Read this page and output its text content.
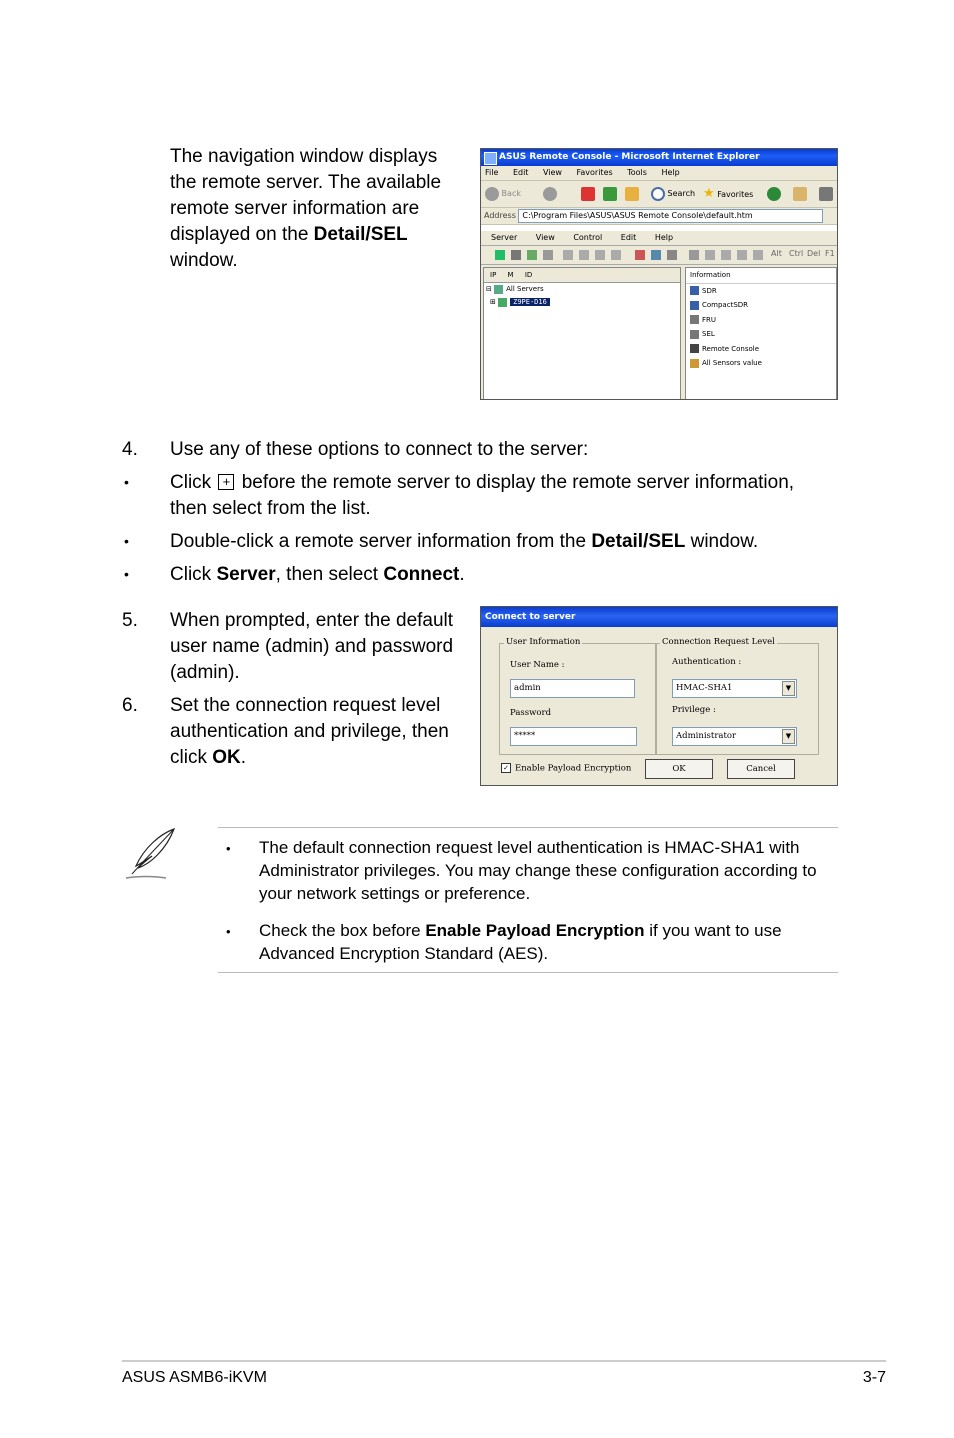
The navigation window displays
the remote server. The available
remote server information are
displayed on the Detail/SEL
window.
ASUS Remote Console - Microsoft Internet Explorer
File Edit View Favorites Tools Help
Back	Search ★ Favorites
Address C:\Program Files\ASUS\ASUS Remote Console\default.htm
Server View Control Edit Help
Alt Ctrl Del F1
IP M ID
⊟ All Servers
⊞ Z9PE-D16
Information
SDR
CompactSDR
FRU
SEL
Remote Console
All Sensors value
4. Use any of these options to connect to the server:
• Click + before the remote server to display the remote server information,
then select from the list.
• Double-click a remote server information from the Detail/SEL window.
• Click Server, then select Connect.
5. When prompted, enter the default
user name (admin) and password
(admin).
6. Set the connection request level
authentication and privilege, then
click OK.
Connect to server
User Information
User Name :
admin
Password
*****
Connection Request Level
Authentication :
HMAC-SHA1	▼
Privilege :
Administrator	▼
✓ Enable Payload Encryption	OK	Cancel
• The default connection request level authentication is HMAC-SHA1 with
Administrator privileges. You may change these configuration according to
your network settings or preference.
• Check the box before Enable Payload Encryption if you want to use
Advanced Encryption Standard (AES).
ASUS ASMB6-iKVM	3-7
